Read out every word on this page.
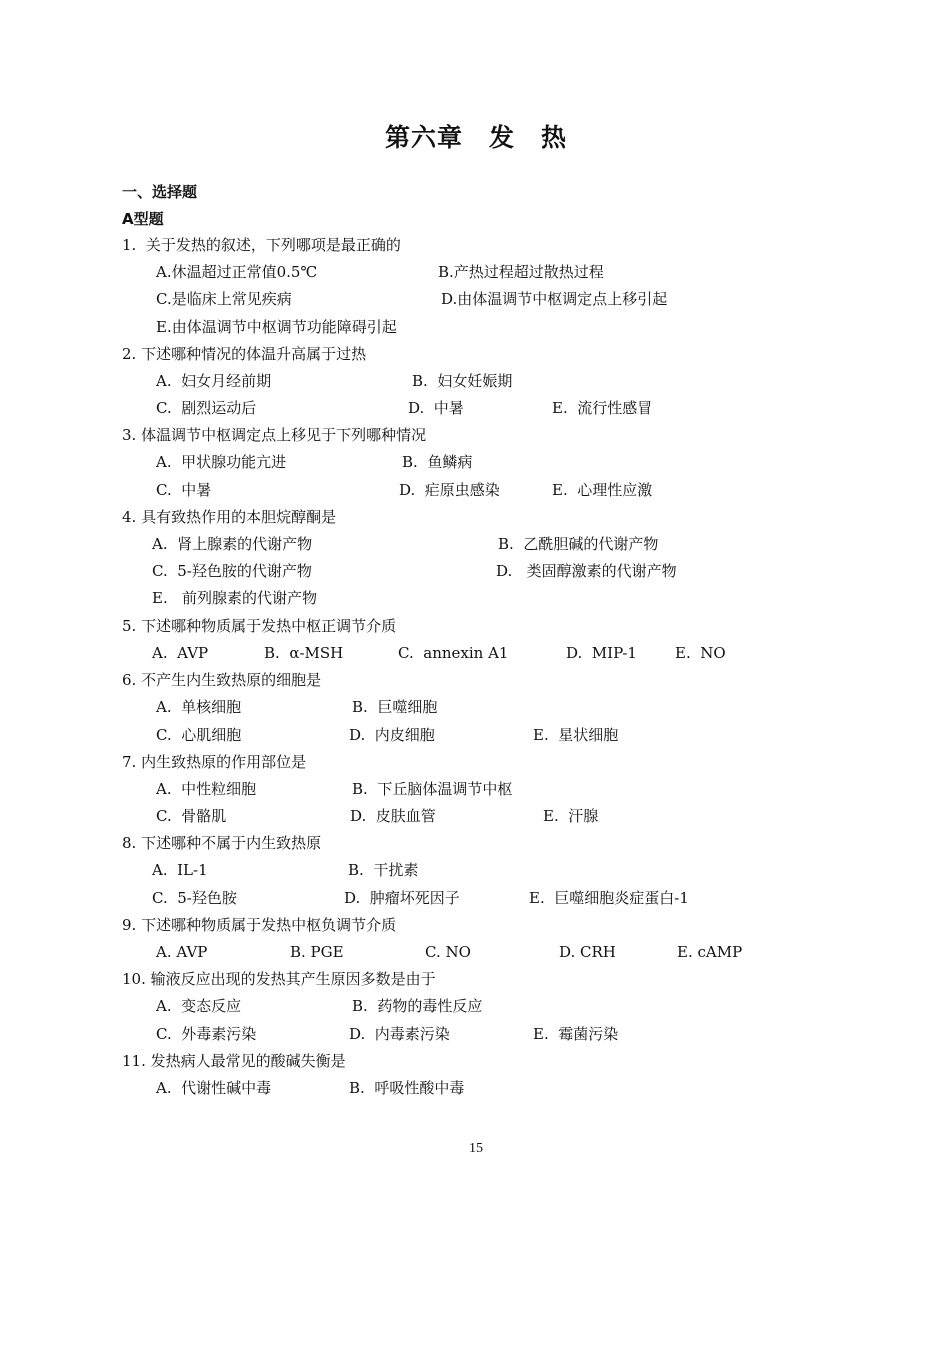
第六章　发　热
一、选择题
A型题
1.  关于发热的叙述，下列哪项是最正确的
A.休温超过正常值0.5℃	B.产热过程超过散热过程
C.是临床上常见疾病	D.由体温调节中枢调定点上移引起
E.由体温调节中枢调节功能障碍引起
2. 下述哪种情况的体温升高属于过热
A.  妇女月经前期	B.  妇女妊娠期
C.  剧烈运动后	D.  中暑	E.  流行性感冒
3. 体温调节中枢调定点上移见于下列哪种情况
A.  甲状腺功能亢进	B.  鱼鳞病
C.  中暑	D.  疟原虫感染	E.  心理性应激
4. 具有致热作用的本胆烷醇酮是
A.  肾上腺素的代谢产物	B.  乙酰胆碱的代谢产物
C.  5-羟色胺的代谢产物	D.   类固醇激素的代谢产物
E.   前列腺素的代谢产物
5. 下述哪种物质属于发热中枢正调节介质
A.  AVP	B.  α-MSH	C.  annexin A1	D.  MIP-1	E.  NO
6. 不产生内生致热原的细胞是
A.  单核细胞	B.  巨噬细胞
C.  心肌细胞	D.  内皮细胞	E.  星状细胞
7. 内生致热原的作用部位是
A.  中性粒细胞	B.  下丘脑体温调节中枢
C.  骨骼肌	D.  皮肤血管	E.  汗腺
8. 下述哪种不属于内生致热原
A.  IL-1	B.  干扰素
C.  5-羟色胺	D.  肿瘤坏死因子	E.  巨噬细胞炎症蛋白-1
9. 下述哪种物质属于发热中枢负调节介质
A. AVP	B. PGE	C. NO	D. CRH	E. cAMP
10. 输液反应出现的发热其产生原因多数是由于
A.  变态反应	B.  药物的毒性反应
C.  外毒素污染	D.  内毒素污染	E.  霉菌污染
11. 发热病人最常见的酸碱失衡是
A.  代谢性碱中毒	B.  呼吸性酸中毒
15
